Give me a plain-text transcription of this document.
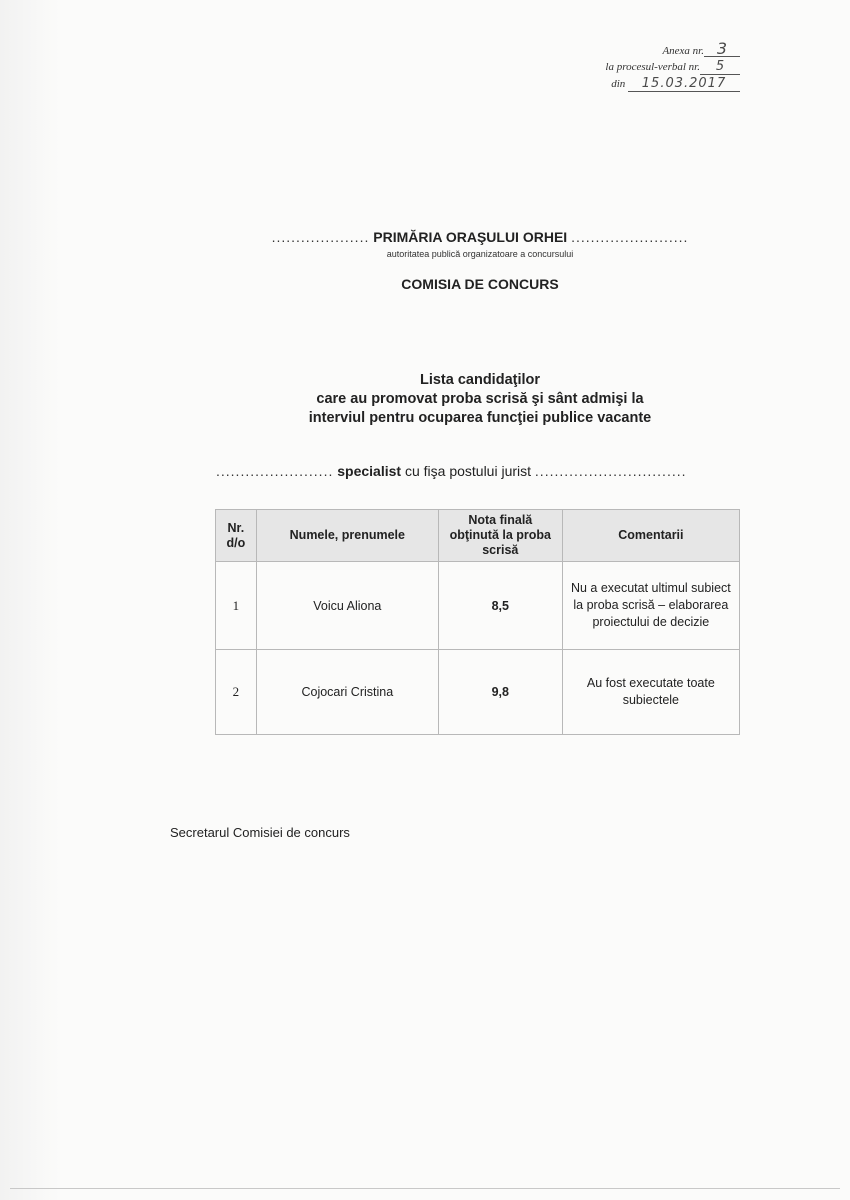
Anexa nr. 3
la procesul-verbal nr. 5
din 15.03.2017
.................... PRIMĂRIA ORAŞULUI ORHEI ........................
autoritatea publică organizatoare a concursului
COMISIA DE CONCURS
Lista candidaţilor
care au promovat proba scrisă şi sânt admişi la
interviul pentru ocuparea funcţiei publice vacante
........................ specialist cu fişa postului jurist ...............................
Nr. d/o	Numele, prenumele	Nota finală obţinută la proba scrisă	Comentarii
1	Voicu Aliona	8,5	Nu a executat ultimul subiect la proba scrisă – elaborarea proiectului de decizie
2	Cojocari Cristina	9,8	Au fost executate toate subiectele
Secretarul Comisiei de concurs
